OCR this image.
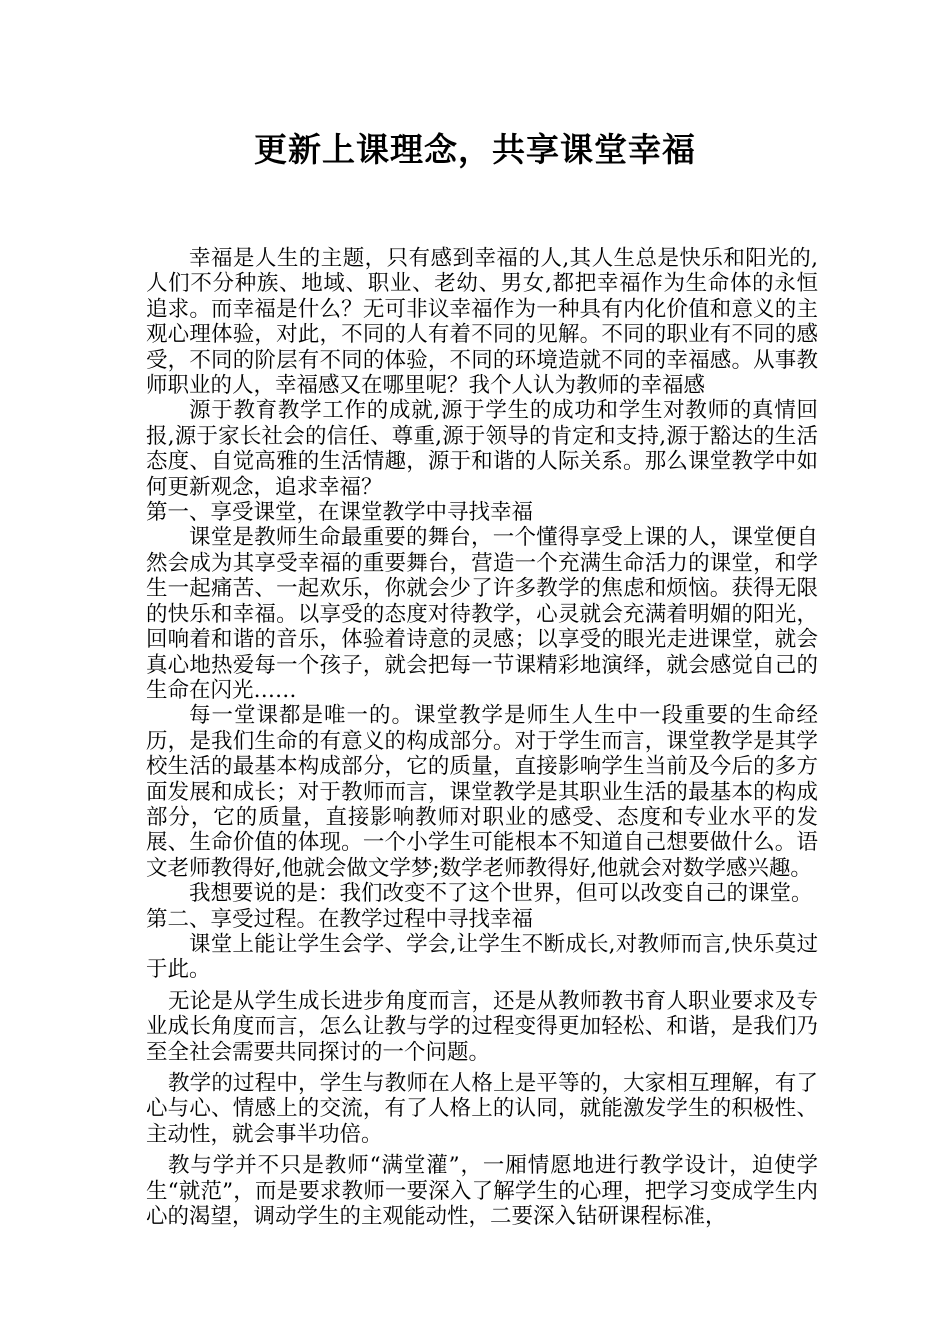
更新上课理念，共享课堂幸福

幸福是人生的主题，只有感到幸福的人,其人生总是快乐和阳光的,人们不分种族、地域、职业、老幼、男女,都把幸福作为生命体的永恒追求。而幸福是什么？无可非议幸福作为一种具有内化价值和意义的主观心理体验，对此，不同的人有着不同的见解。不同的职业有不同的感受，不同的阶层有不同的体验，不同的环境造就不同的幸福感。从事教师职业的人，幸福感又在哪里呢？我个人认为教师的幸福感

源于教育教学工作的成就,源于学生的成功和学生对教师的真情回报,源于家长社会的信任、尊重,源于领导的肯定和支持,源于豁达的生活态度、自觉高雅的生活情趣，源于和谐的人际关系。那么课堂教学中如何更新观念，追求幸福？

第一、享受课堂，在课堂教学中寻找幸福

课堂是教师生命最重要的舞台，一个懂得享受上课的人，课堂便自然会成为其享受幸福的重要舞台，营造一个充满生命活力的课堂，和学生一起痛苦、一起欢乐，你就会少了许多教学的焦虑和烦恼。获得无限的快乐和幸福。以享受的态度对待教学，心灵就会充满着明媚的阳光，回响着和谐的音乐，体验着诗意的灵感；以享受的眼光走进课堂，就会真心地热爱每一个孩子，就会把每一节课精彩地演绎，就会感觉自己的生命在闪光……

每一堂课都是唯一的。课堂教学是师生人生中一段重要的生命经历，是我们生命的有意义的构成部分。对于学生而言，课堂教学是其学校生活的最基本构成部分，它的质量，直接影响学生当前及今后的多方面发展和成长；对于教师而言，课堂教学是其职业生活的最基本的构成部分，它的质量，直接影响教师对职业的感受、态度和专业水平的发展、生命价值的体现。一个小学生可能根本不知道自己想要做什么。语文老师教得好,他就会做文学梦;数学老师教得好,他就会对数学感兴趣。

我想要说的是：我们改变不了这个世界，但可以改变自己的课堂。

第二、享受过程。在教学过程中寻找幸福

课堂上能让学生会学、学会,让学生不断成长,对教师而言,快乐莫过于此。

无论是从学生成长进步角度而言，还是从教师教书育人职业要求及专业成长角度而言，怎么让教与学的过程变得更加轻松、和谐，是我们乃至全社会需要共同探讨的一个问题。

教学的过程中，学生与教师在人格上是平等的，大家相互理解，有了心与心、情感上的交流，有了人格上的认同，就能激发学生的积极性、主动性，就会事半功倍。

教与学并不只是教师“满堂灌”，一厢情愿地进行教学设计，迫使学生“就范”，而是要求教师一要深入了解学生的心理，把学习变成学生内心的渴望，调动学生的主观能动性，二要深入钻研课程标准，
